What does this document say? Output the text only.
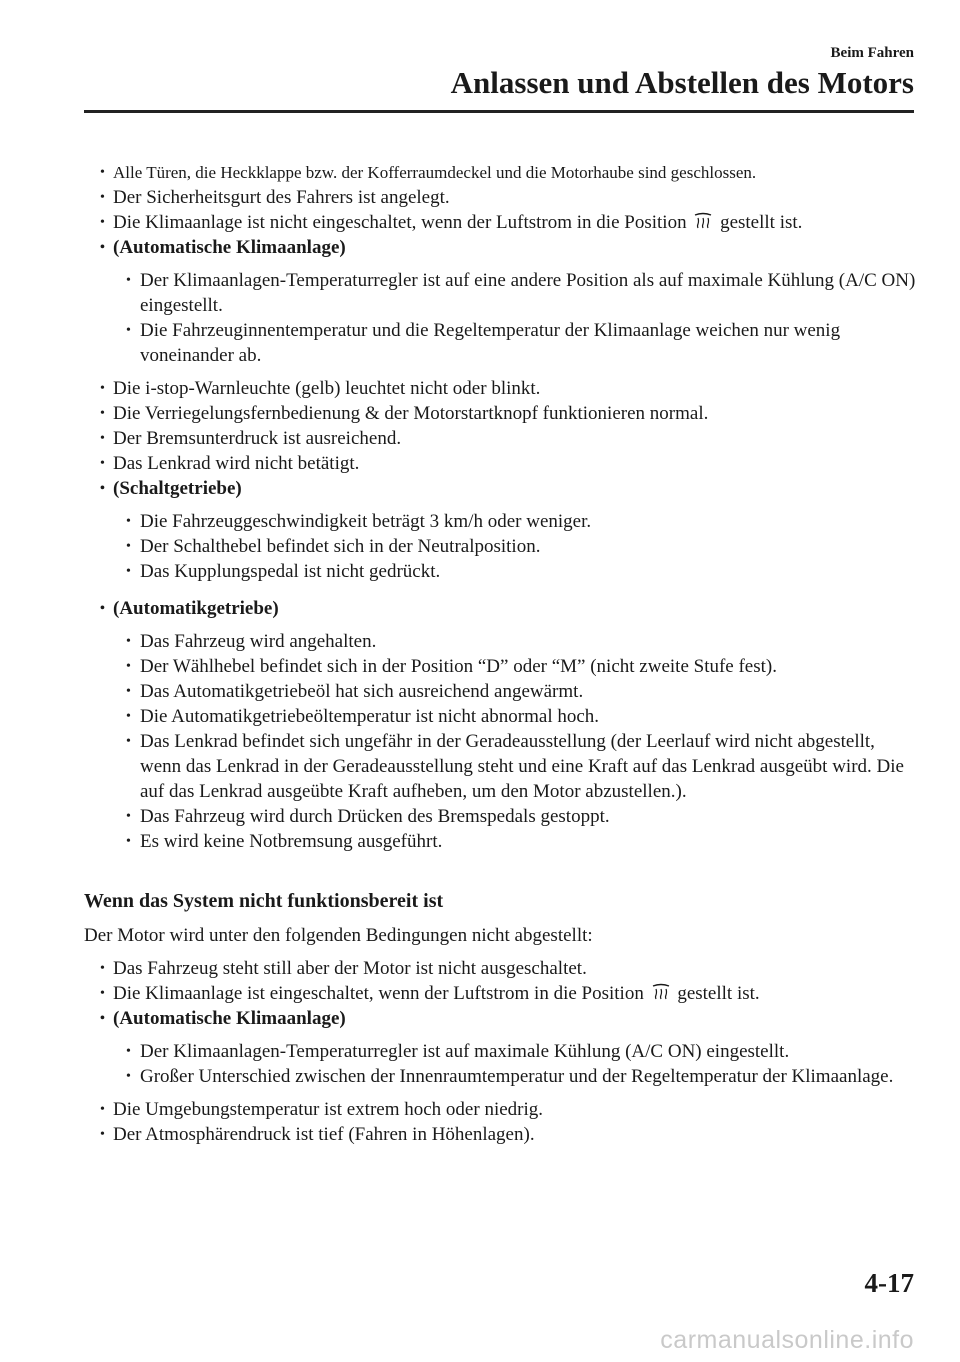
Beim Fahren
Anlassen und Abstellen des Motors
• Alle Türen, die Heckklappe bzw. der Kofferraumdeckel und die Motorhaube sind geschlossen.
• Der Sicherheitsgurt des Fahrers ist angelegt.
• Die Klimaanlage ist nicht eingeschaltet, wenn der Luftstrom in die Position gestellt ist.
• (Automatische Klimaanlage)
• Der Klimaanlagen-Temperaturregler ist auf eine andere Position als auf maximale Kühlung (A/C ON) eingestellt.
• Die Fahrzeuginnentemperatur und die Regeltemperatur der Klimaanlage weichen nur wenig voneinander ab.
• Die i-stop-Warnleuchte (gelb) leuchtet nicht oder blinkt.
• Die Verriegelungsfernbedienung & der Motorstartknopf funktionieren normal.
• Der Bremsunterdruck ist ausreichend.
• Das Lenkrad wird nicht betätigt.
• (Schaltgetriebe)
• Die Fahrzeuggeschwindigkeit beträgt 3 km/h oder weniger.
• Der Schalthebel befindet sich in der Neutralposition.
• Das Kupplungspedal ist nicht gedrückt.
• (Automatikgetriebe)
• Das Fahrzeug wird angehalten.
• Der Wählhebel befindet sich in der Position “D” oder “M” (nicht zweite Stufe fest).
• Das Automatikgetriebeöl hat sich ausreichend angewärmt.
• Die Automatikgetriebeöltemperatur ist nicht abnormal hoch.
• Das Lenkrad befindet sich ungefähr in der Geradeausstellung (der Leerlauf wird nicht abgestellt, wenn das Lenkrad in der Geradeausstellung steht und eine Kraft auf das Lenkrad ausgeübt wird. Die auf das Lenkrad ausgeübte Kraft aufheben, um den Motor abzustellen.).
• Das Fahrzeug wird durch Drücken des Bremspedals gestoppt.
• Es wird keine Notbremsung ausgeführt.
Wenn das System nicht funktionsbereit ist
Der Motor wird unter den folgenden Bedingungen nicht abgestellt:
• Das Fahrzeug steht still aber der Motor ist nicht ausgeschaltet.
• Die Klimaanlage ist eingeschaltet, wenn der Luftstrom in die Position gestellt ist.
• (Automatische Klimaanlage)
• Der Klimaanlagen-Temperaturregler ist auf maximale Kühlung (A/C ON) eingestellt.
• Großer Unterschied zwischen der Innenraumtemperatur und der Regeltemperatur der Klimaanlage.
• Die Umgebungstemperatur ist extrem hoch oder niedrig.
• Der Atmosphärendruck ist tief (Fahren in Höhenlagen).
4-17
carmanualsonline.info
